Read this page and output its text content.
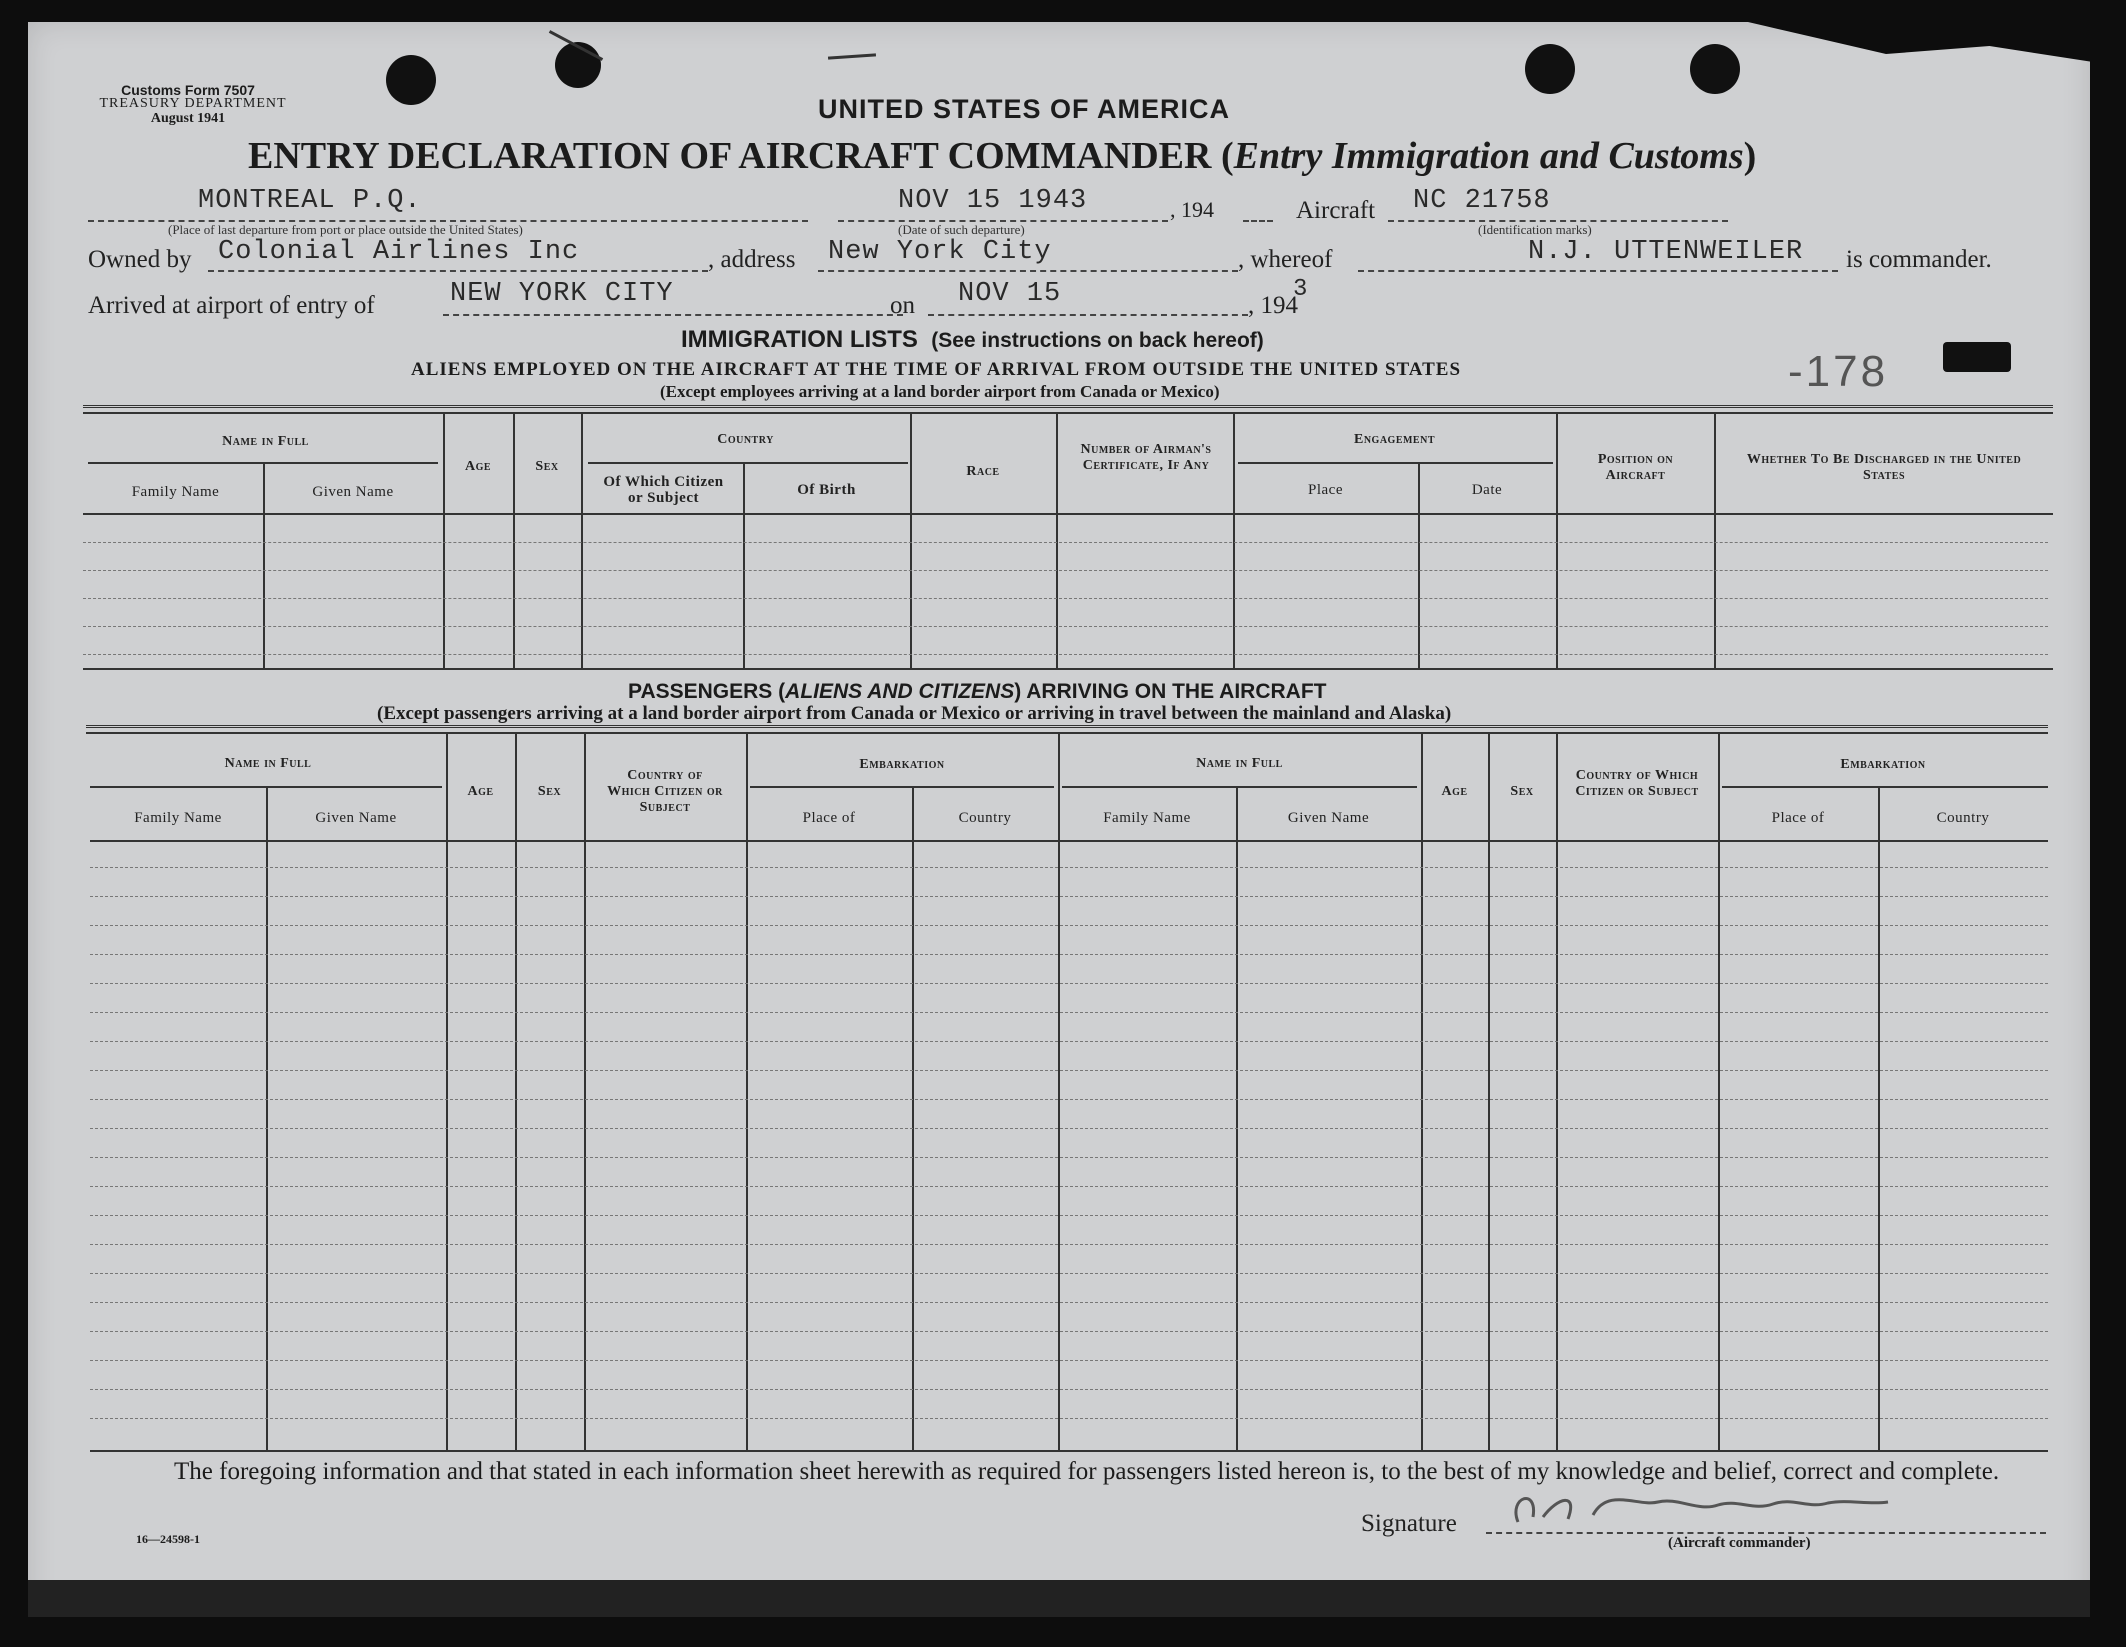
Customs Form 7507
TREASURY DEPARTMENT
August 1941	UNITED STATES OF AMERICA
ENTRY DECLARATION OF AIRCRAFT COMMANDER (Entry Immigration and Customs)
MONTREAL P.Q.
(Place of last departure from port or place outside the United States)
NOV 15 1943
(Date of such departure)
, 194	Aircraft NC 21758
(Identification marks)
Owned by Colonial Airlines Inc	, address New York City	, whereof	N.J. UTTENWEILER is commander.
Arrived at airport of entry of	NEW YORK CITY	on NOV 15	, 194
3
-178
IMMIGRATION LISTS (See instructions on back hereof)
ALIENS EMPLOYED ON THE AIRCRAFT AT THE TIME OF ARRIVAL FROM OUTSIDE THE UNITED STATES
(Except employees arriving at a land border airport from Canada or Mexico)
Name in Full
Family Name	Given Name
Age	Sex
Country
Of Which Citizen or Subject	Of Birth
Race
Number of Airman's Certificate, If Any
Engagement
Place	Date
Position on Aircraft
Whether To Be Discharged in the United States
PASSENGERS (ALIENS AND CITIZENS) ARRIVING ON THE AIRCRAFT
(Except passengers arriving at a land border airport from Canada or Mexico or arriving in travel between the mainland and Alaska)
Name in Full
Family Name	Given Name
Age	Sex
Country of Which Citizen or Subject
Embarkation
Place of	Country
Name in Full
Family Name	Given Name
Age	Sex
Country of Which Citizen or Subject
Embarkation
Place of	Country
The foregoing information and that stated in each information sheet herewith as required for passengers listed hereon is, to the best of my knowledge and belief, correct and complete.
16—24598-1
Signature
(Aircraft commander)
